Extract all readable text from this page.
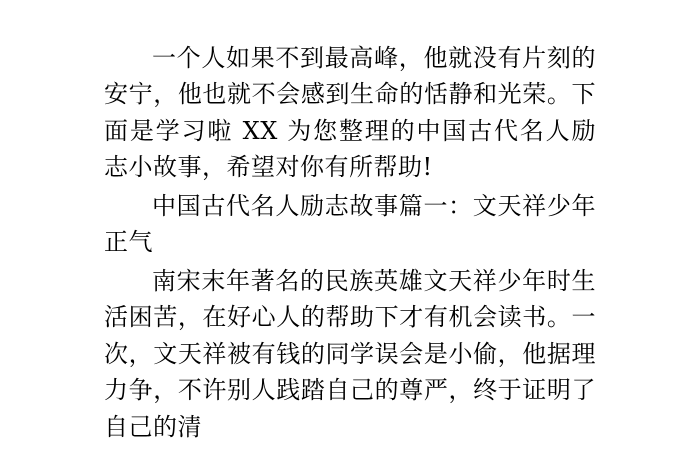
一个人如果不到最高峰，他就没有片刻的安宁，他也就不会感到生命的恬静和光荣。下面是学习啦 XX 为您整理的中国古代名人励志小故事，希望对你有所帮助!

中国古代名人励志故事篇一：文天祥少年正气

南宋末年著名的民族英雄文天祥少年时生活困苦，在好心人的帮助下才有机会读书。一次，文天祥被有钱的同学误会是小偷，他据理力争，不许别人践踏自己的尊严，终于证明了自己的清
